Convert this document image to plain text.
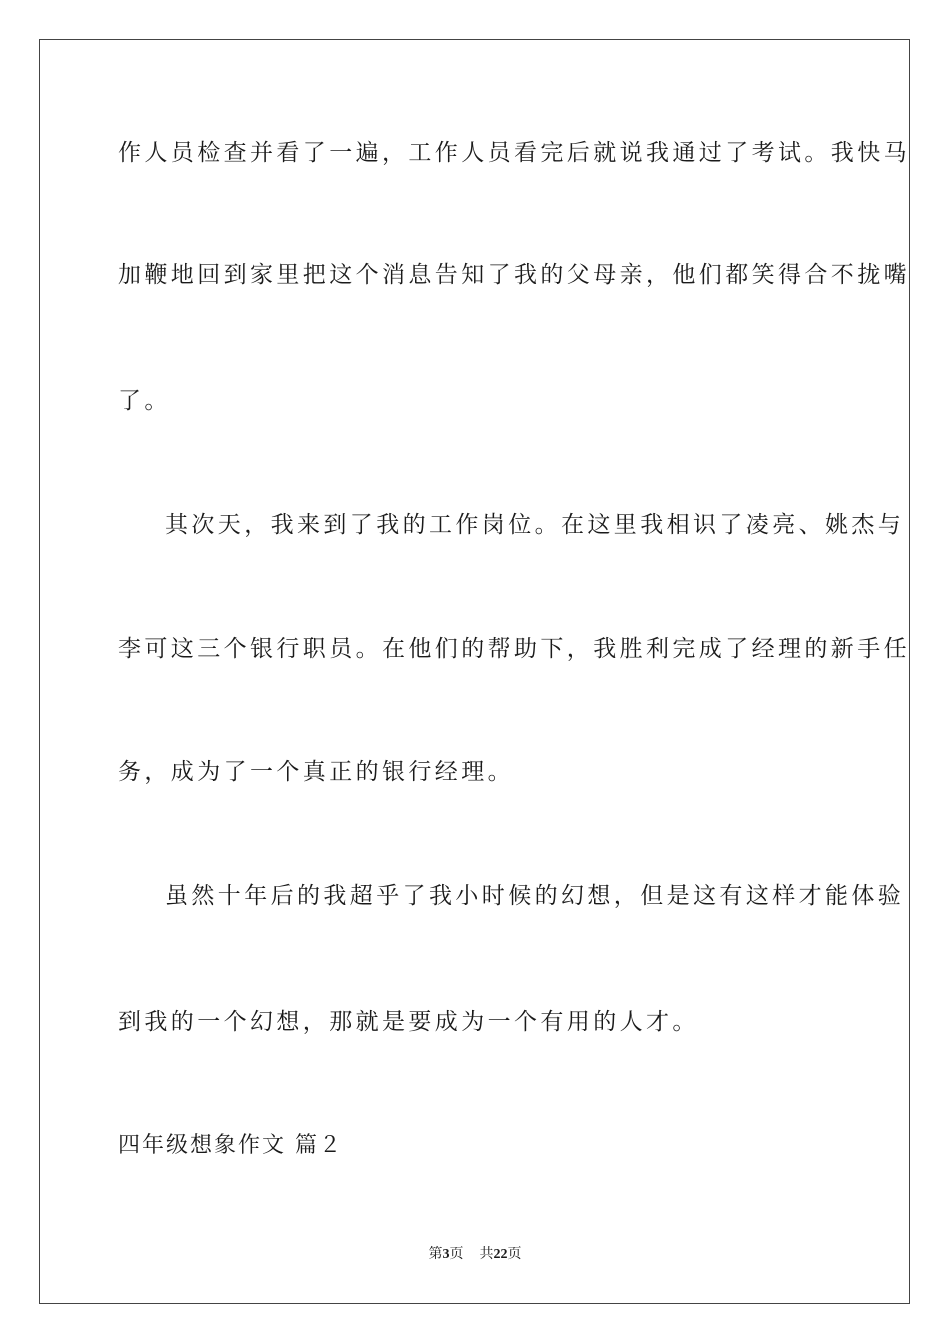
作人员检查并看了一遍，工作人员看完后就说我通过了考试。我快马
加鞭地回到家里把这个消息告知了我的父母亲，他们都笑得合不拢嘴
了。
其次天，我来到了我的工作岗位。在这里我相识了凌亮、姚杰与
李可这三个银行职员。在他们的帮助下，我胜利完成了经理的新手任
务，成为了一个真正的银行经理。
虽然十年后的我超乎了我小时候的幻想，但是这有这样才能体验
到我的一个幻想，那就是要成为一个有用的人才。
四年级想象作文 篇２
第3页 共22页
